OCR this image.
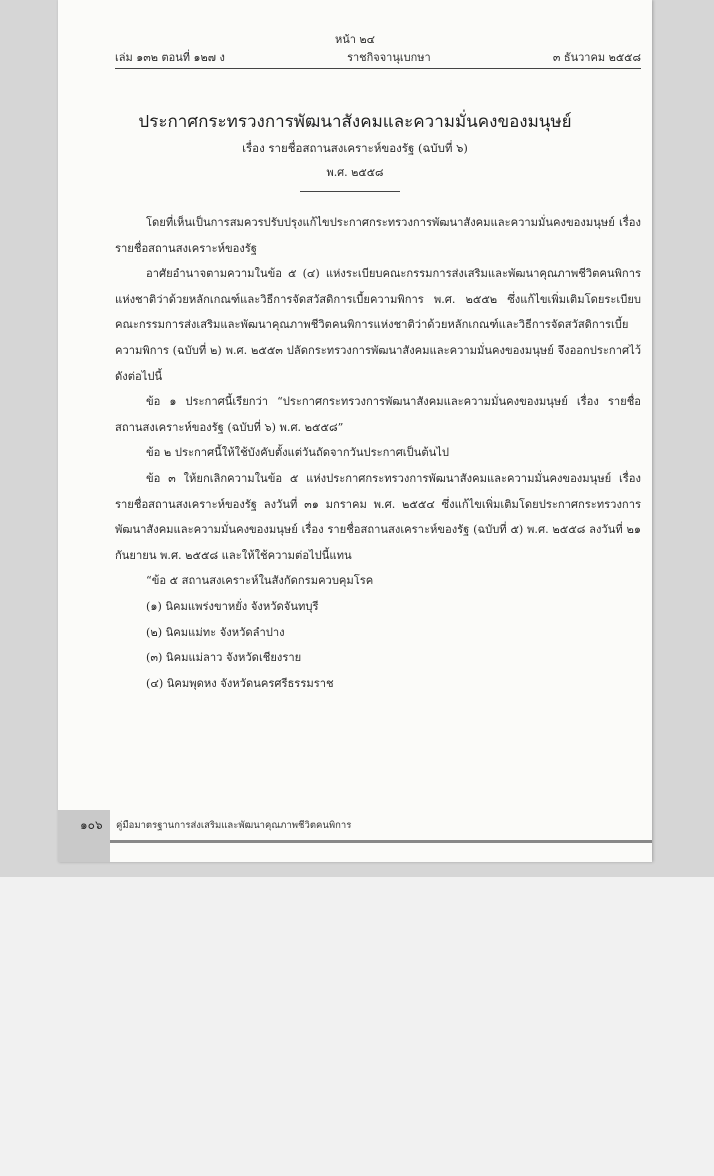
หน้า ๒๔
เล่ม ๑๓๒ ตอนที่ ๑๒๗ ง	ราชกิจจานุเบกษา	๓ ธันวาคม ๒๕๕๘
ประกาศกระทรวงการพัฒนาสังคมและความมั่นคงของมนุษย์
เรื่อง รายชื่อสถานสงเคราะห์ของรัฐ (ฉบับที่ ๖)
พ.ศ. ๒๕๕๘

โดยที่เห็นเป็นการสมควรปรับปรุงแก้ไขประกาศกระทรวงการพัฒนาสังคมและความมั่นคงของมนุษย์ เรื่อง รายชื่อสถานสงเคราะห์ของรัฐ

อาศัยอำนาจตามความในข้อ ๕ (๔) แห่งระเบียบคณะกรรมการส่งเสริมและพัฒนาคุณภาพชีวิตคนพิการแห่งชาติว่าด้วยหลักเกณฑ์และวิธีการจัดสวัสดิการเบี้ยความพิการ พ.ศ. ๒๕๕๒ ซึ่งแก้ไขเพิ่มเติมโดยระเบียบคณะกรรมการส่งเสริมและพัฒนาคุณภาพชีวิตคนพิการแห่งชาติว่าด้วยหลักเกณฑ์และวิธีการจัดสวัสดิการเบี้ยความพิการ (ฉบับที่ ๒) พ.ศ. ๒๕๕๓ ปลัดกระทรวงการพัฒนาสังคมและความมั่นคงของมนุษย์ จึงออกประกาศไว้ ดังต่อไปนี้

ข้อ ๑ ประกาศนี้เรียกว่า “ประกาศกระทรวงการพัฒนาสังคมและความมั่นคงของมนุษย์ เรื่อง รายชื่อสถานสงเคราะห์ของรัฐ (ฉบับที่ ๖) พ.ศ. ๒๕๕๘”

ข้อ ๒ ประกาศนี้ให้ใช้บังคับตั้งแต่วันถัดจากวันประกาศเป็นต้นไป

ข้อ ๓ ให้ยกเลิกความในข้อ ๕ แห่งประกาศกระทรวงการพัฒนาสังคมและความมั่นคงของมนุษย์ เรื่อง รายชื่อสถานสงเคราะห์ของรัฐ ลงวันที่ ๓๑ มกราคม พ.ศ. ๒๕๕๔ ซึ่งแก้ไขเพิ่มเติมโดยประกาศกระทรวงการพัฒนาสังคมและความมั่นคงของมนุษย์ เรื่อง รายชื่อสถานสงเคราะห์ของรัฐ (ฉบับที่ ๕) พ.ศ. ๒๕๕๘ ลงวันที่ ๒๑ กันยายน พ.ศ. ๒๕๕๘ และให้ใช้ความต่อไปนี้แทน

“ข้อ ๕ สถานสงเคราะห์ในสังกัดกรมควบคุมโรค

(๑) นิคมแพร่งขาหยั่ง จังหวัดจันทบุรี

(๒) นิคมแม่ทะ จังหวัดลำปาง

(๓) นิคมแม่ลาว จังหวัดเชียงราย

(๔) นิคมพุดหง จังหวัดนครศรีธรรมราช

๑๐๖	คู่มือมาตรฐานการส่งเสริมและพัฒนาคุณภาพชีวิตคนพิการ
